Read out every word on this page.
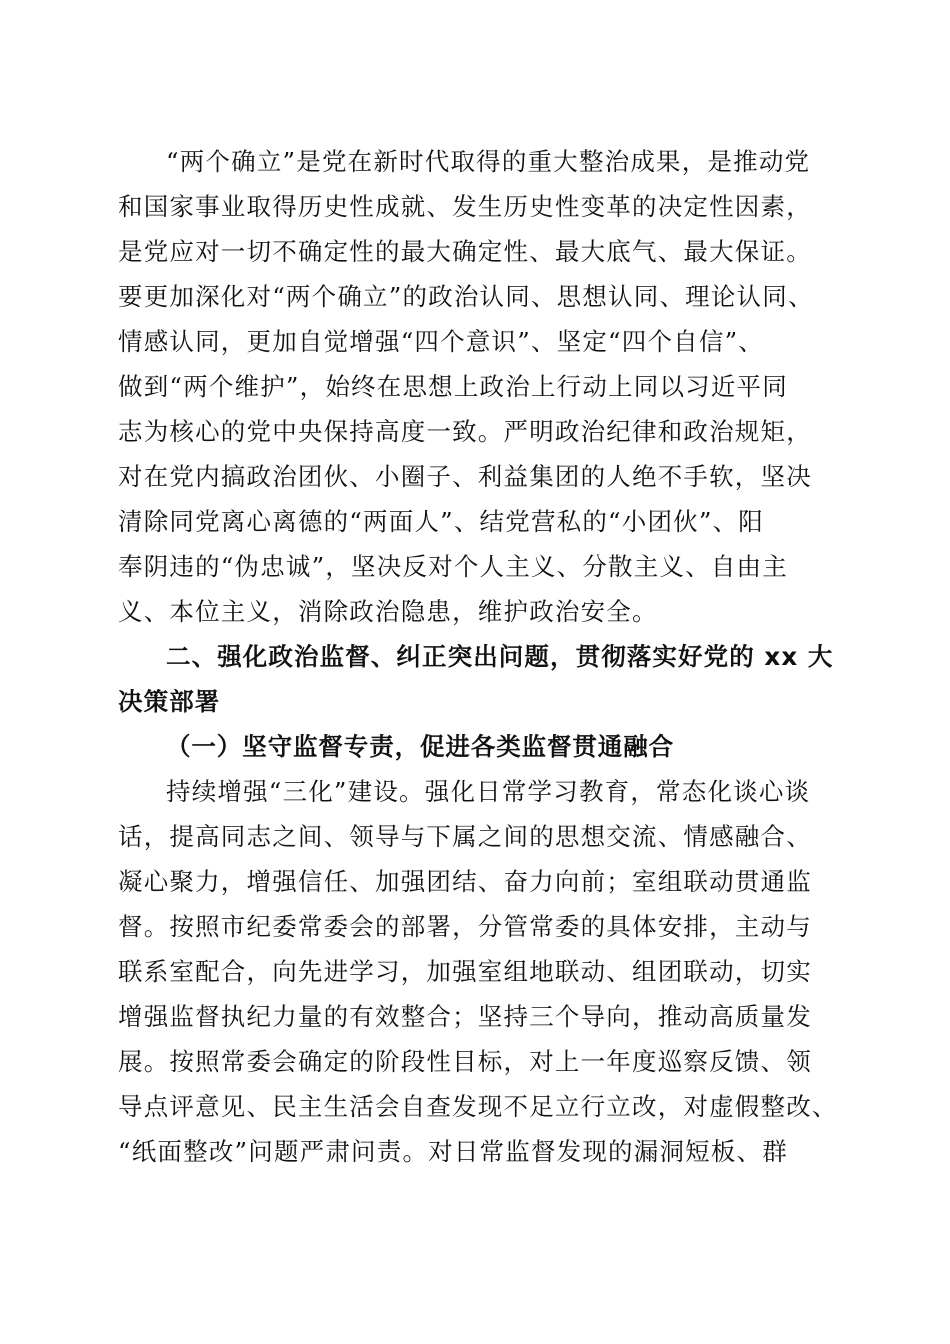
“两个确立”是党在新时代取得的重大整治成果，是推动党
和国家事业取得历史性成就、发生历史性变革的决定性因素，
是党应对一切不确定性的最大确定性、最大底气、最大保证。
要更加深化对“两个确立”的政治认同、思想认同、理论认同、
情感认同，更加自觉增强“四个意识”、坚定“四个自信”、
做到“两个维护”，始终在思想上政治上行动上同以习近平同
志为核心的党中央保持高度一致。严明政治纪律和政治规矩，
对在党内搞政治团伙、小圈子、利益集团的人绝不手软，坚决
清除同党离心离德的“两面人”、结党营私的“小团伙”、阳
奉阴违的“伪忠诚”，坚决反对个人主义、分散主义、自由主
义、本位主义，消除政治隐患，维护政治安全。
二、强化政治监督、纠正突出问题，贯彻落实好党的 xx 大
决策部署
（一）坚守监督专责，促进各类监督贯通融合
持续增强“三化”建设。强化日常学习教育，常态化谈心谈
话，提高同志之间、领导与下属之间的思想交流、情感融合、
凝心聚力，增强信任、加强团结、奋力向前；室组联动贯通监
督。按照市纪委常委会的部署，分管常委的具体安排，主动与
联系室配合，向先进学习，加强室组地联动、组团联动，切实
增强监督执纪力量的有效整合；坚持三个导向，推动高质量发
展。按照常委会确定的阶段性目标，对上一年度巡察反馈、领
导点评意见、民主生活会自查发现不足立行立改，对虚假整改、
“纸面整改”问题严肃问责。对日常监督发现的漏洞短板、群
